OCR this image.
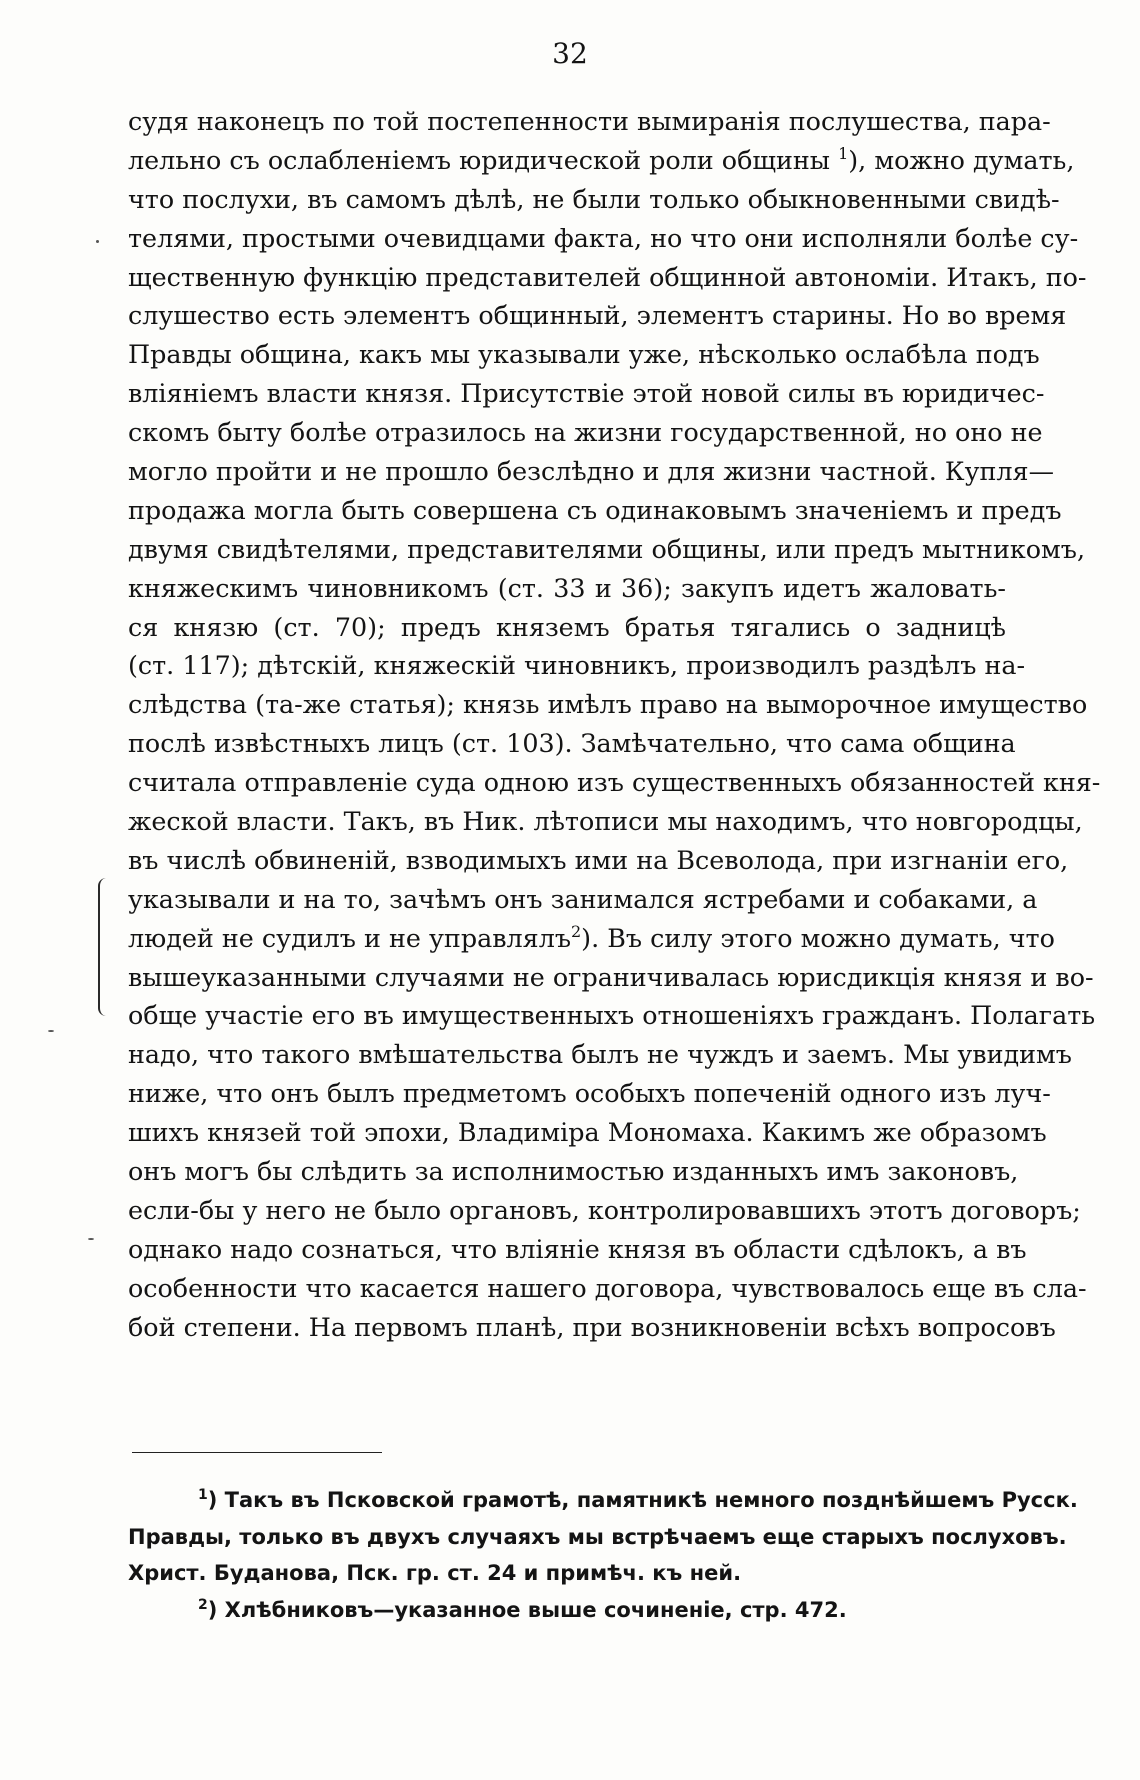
32
судя наконецъ по той постепенности вымиранія послушества, пара-
лельно съ ослабленіемъ юридической роли общины $^1$), можно думать,
что послухи, въ самомъ дѣлѣ, не были только обыкновенными свидѣ-
телями, простыми очевидцами факта, но что они исполняли болѣе су-
щественную функцію представителей общинной автономіи. Итакъ, по-
слушество есть элементъ общинный, элементъ старины. Но во время
Правды община, какъ мы указывали уже, нѣсколько ослабѣла подъ
вліяніемъ власти князя. Присутствіе этой новой силы въ юридичес-
скомъ быту болѣе отразилось на жизни государственной, но оно не
могло пройти и не прошло безслѣдно и для жизни частной. Купля—
продажа могла быть совершена съ одинаковымъ значеніемъ и предъ
двумя свидѣтелями, представителями общины, или предъ мытникомъ,
княжескимъ чиновникомъ (ст. 33 и 36); закупъ идетъ жаловать-
ся князю (ст. 70); предъ княземъ братья тягались о задницѣ
(ст. 117); дѣтскій, княжескій чиновникъ, производилъ раздѣлъ на-
слѣдства (та-же статья); князь имѣлъ право на выморочное имущество
послѣ извѣстныхъ лицъ (ст. 103). Замѣчательно, что сама община
считала отправленіе суда одною изъ существенныхъ обязанностей кня-
жеской власти. Такъ, въ Ник. лѣтописи мы находимъ, что новгородцы,
въ числѣ обвиненій, взводимыхъ ими на Всеволода, при изгнаніи его,
указывали и на то, зачѣмъ онъ занимался ястребами и собаками, а
людей не судилъ и не управлялъ$^2$). Въ силу этого можно думать, что
вышеуказанными случаями не ограничивалась юрисдикція князя и во-
обще участіе его въ имущественныхъ отношеніяхъ гражданъ. Полагать
надо, что такого вмѣшательства былъ не чуждъ и заемъ. Мы увидимъ
ниже, что онъ былъ предметомъ особыхъ попеченій одного изъ луч-
шихъ князей той эпохи, Владиміра Мономаха. Какимъ же образомъ
онъ могъ бы слѣдить за исполнимостью изданныхъ имъ законовъ,
если-бы у него не было органовъ, контролировавшихъ этотъ договоръ;
однако надо сознаться, что вліяніе князя въ области сдѣлокъ, а въ
особенности что касается нашего договора, чувствовалось еще въ сла-
бой степени. На первомъ планѣ, при возникновеніи всѣхъ вопросовъ
$^1$) Такъ въ Псковской грамотѣ, памятникѣ немного позднѣйшемъ Русск.
Правды, только въ двухъ случаяхъ мы встрѣчаемъ еще старыхъ послуховъ.
Христ. Буданова, Пск. гр. ст. 24 и примѣч. къ ней.
$^2$) Хлѣбниковъ—указанное выше сочиненіе, стр. 472.
